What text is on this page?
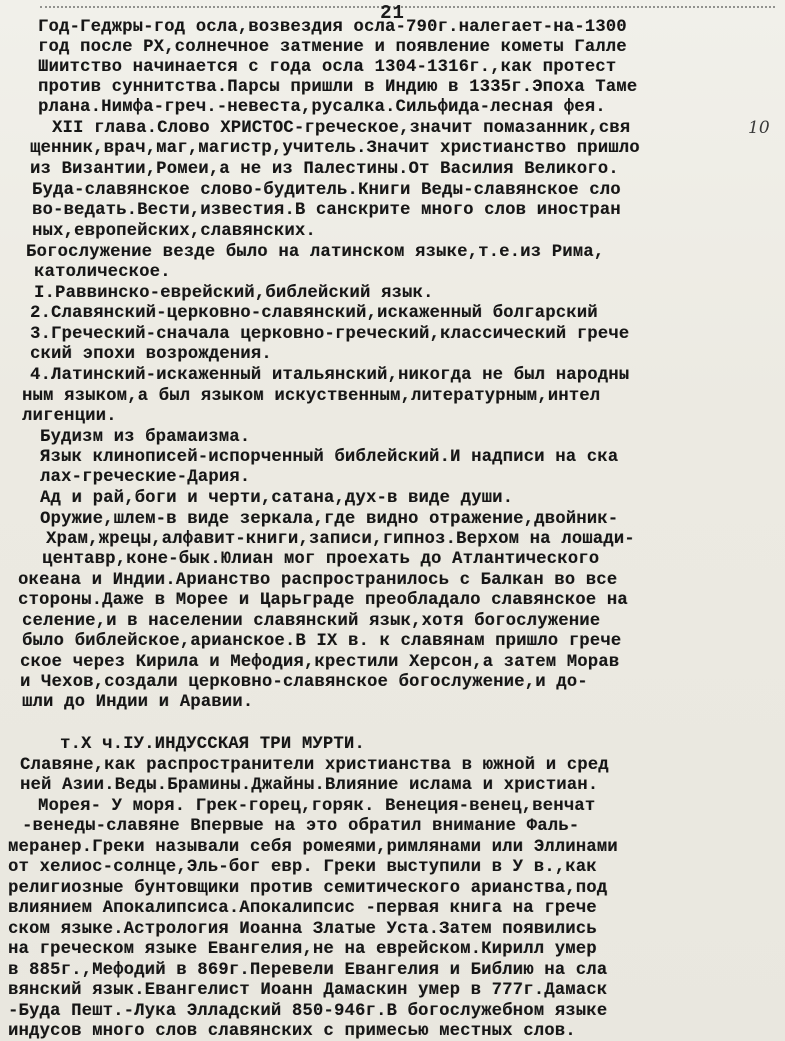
21
10
Год-Геджры-год осла,возвездия осла-790г.налегает-на-1300
год после РХ,солнечное затмение и появление кометы Галле
Шиитство начинается с года осла 1304-1316г.,как протест
против суннитства.Парсы пришли в Индию в 1335г.Эпоха Таме
рлана.Нимфа-греч.-невеста,русалка.Сильфида-лесная фея.
XII глава.Слово ХРИСТОС-греческое,значит помазанник,свя
щенник,врач,маг,магистр,учитель.Значит христианство пришло
из Византии,Ромеи,а не из Палестины.От Василия Великого.
Буда-славянское слово-будитель.Книги Веды-славянское сло
во-ведать.Вести,известия.В санскрите много слов иностран
ных,европейских,славянских.
Богослужение везде было на латинском языке,т.е.из Рима,
католическое.
I.Раввинско-еврейский,библейский язык.
2.Славянский-церковно-славянский,искаженный болгарский
3.Греческий-сначала церковно-греческий,классический грече
ский эпохи возрождения.
4.Латинский-искаженный итальянский,никогда не был народны
ным языком,а был языком искуственным,литературным,интел
лигенции.
Будизм из брамаизма.
Язык клинописей-испорченный библейский.И надписи на ска
лах-греческие-Дария.
Ад и рай,боги и черти,сатана,дух-в виде души.
Оружие,шлем-в виде зеркала,где видно отражение,двойник-
Храм,жрецы,алфавит-книги,записи,гипноз.Верхом на лошади-
центавр,коне-бык.Юлиан мог проехать до Атлантического
океана и Индии.Арианство распространилось с Балкан во все
стороны.Даже в Морее и Царьграде преобладало славянское на
селение,и в населении славянский язык,хотя богослужение
было библейское,арианское.В IX в. к славянам пришло грече
ское через Кирила и Мефодия,крестили Херсон,а затем Морав
и Чехов,создали церковно-славянское богослужение,и до-
шли до Индии и Аравии.
т.Х ч.IУ.ИНДУССКАЯ ТРИ МУРТИ.
Славяне,как распространители христианства в южной и сред
ней Азии.Веды.Брамины.Джайны.Влияние ислама и христиан.
Морея- У моря. Грек-горец,горяк. Венеция-венец,венчат
-венеды-славяне Впервые на это обратил внимание Фаль-
меранер.Греки называли себя ромеями,римлянами или Эллинами
от хелиос-солнце,Эль-бог евр. Греки выступили в У в.,как
религиозные бунтовщики против семитического арианства,под
влиянием Апокалипсиса.Апокалипсис -первая книга на грече
ском языке.Астрология Иоанна Златые Уста.Затем появились
на греческом языке Евангелия,не на еврейском.Кирилл умер
в 885г.,Мефодий в 869г.Перевели Евангелия и Библию на сла
вянский язык.Евангелист Иоанн Дамаскин умер в 777г.Дамаск
-Буда Пешт.-Лука Элладский 850-946г.В богослужебном языке
индусов много слов славянских с примесью местных слов.
